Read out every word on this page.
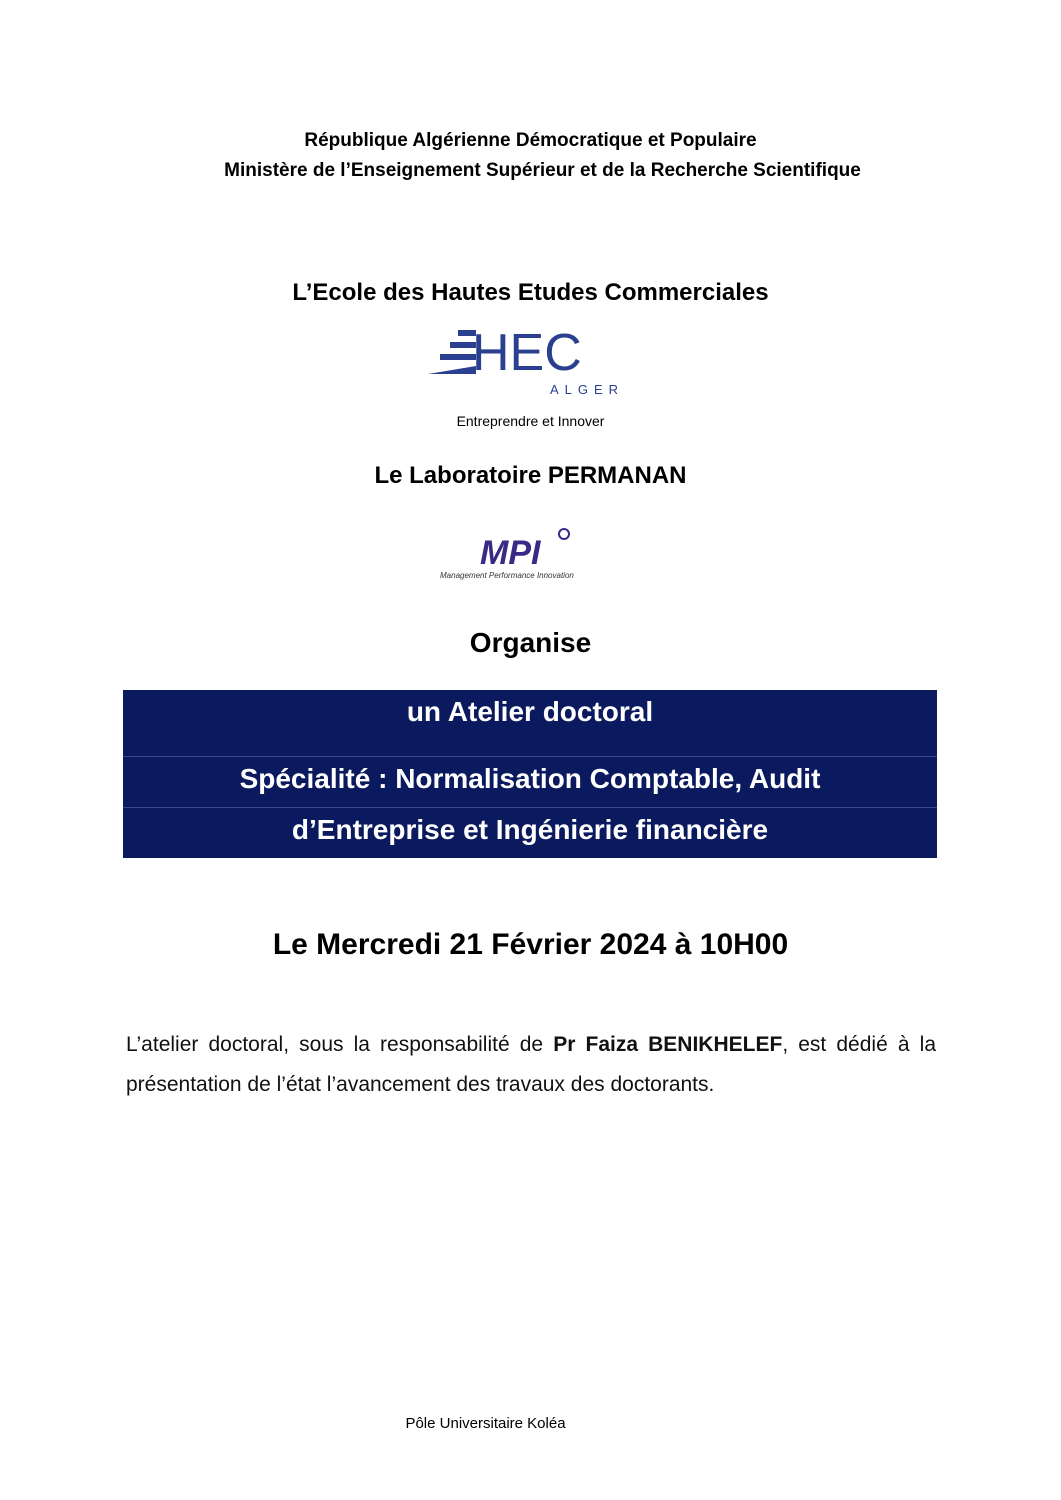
République Algérienne Démocratique et Populaire
Ministère de l’Enseignement Supérieur et de la Recherche Scientifique
L’Ecole des Hautes Etudes Commerciales
HEC
ALGER
Entreprendre et Innover
Le Laboratoire PERMANAN
MPI
Management Performance Innovation
Organise
un Atelier doctoral
Spécialité : Normalisation Comptable, Audit
d’Entreprise et Ingénierie financière
Le Mercredi 21 Février 2024 à 10H00
L’atelier doctoral, sous la responsabilité de Pr Faiza BENIKHELEF, est dédié à la présentation de l’état l’avancement des travaux des doctorants.
Pôle Universitaire Koléa
